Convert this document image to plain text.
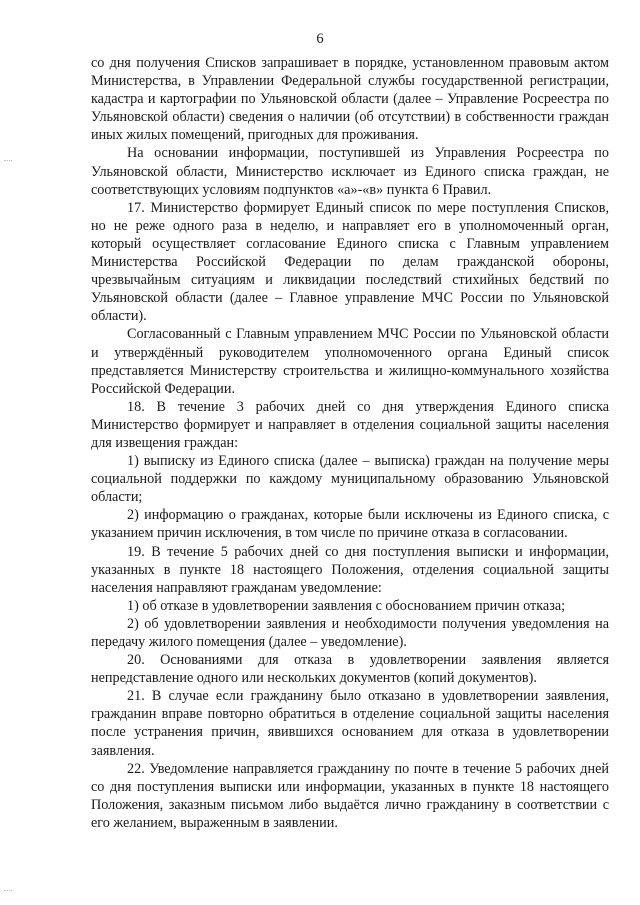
6

со дня получения Списков запрашивает в порядке, установленном правовым актом Министерства, в Управлении Федеральной службы государственной регистрации, кадастра и картографии по Ульяновской области (далее – Управление Росреестра по Ульяновской области) сведения о наличии (об отсутствии) в собственности граждан иных жилых помещений, пригодных для проживания.

На основании информации, поступившей из Управления Росреестра по Ульяновской области, Министерство исключает из Единого списка граждан, не соответствующих условиям подпунктов «а»-«в» пункта 6 Правил.

17. Министерство формирует Единый список по мере поступления Списков, но не реже одного раза в неделю, и направляет его в уполномоченный орган, который осуществляет согласование Единого списка с Главным управлением Министерства Российской Федерации по делам гражданской обороны, чрезвычайным ситуациям и ликвидации последствий стихийных бедствий по Ульяновской области (далее – Главное управление МЧС России по Ульяновской области).

Согласованный с Главным управлением МЧС России по Ульяновской области и утверждённый руководителем уполномоченного органа Единый список представляется Министерству строительства и жилищно-коммунального хозяйства Российской Федерации.

18. В течение 3 рабочих дней со дня утверждения Единого списка Министерство формирует и направляет в отделения социальной защиты населения для извещения граждан:

1) выписку из Единого списка (далее – выписка) граждан на получение меры социальной поддержки по каждому муниципальному образованию Ульяновской области;

2) информацию о гражданах, которые были исключены из Единого списка, с указанием причин исключения, в том числе по причине отказа в согласовании.

19. В течение 5 рабочих дней со дня поступления выписки и информации, указанных в пункте 18 настоящего Положения, отделения социальной защиты населения направляют гражданам уведомление:

1) об отказе в удовлетворении заявления с обоснованием причин отказа;

2) об удовлетворении заявления и необходимости получения уведомления на передачу жилого помещения (далее – уведомление).

20. Основаниями для отказа в удовлетворении заявления является непредставление одного или нескольких документов (копий документов).

21. В случае если гражданину было отказано в удовлетворении заявления, гражданин вправе повторно обратиться в отделение социальной защиты населения после устранения причин, явившихся основанием для отказа в удовлетворении заявления.

22. Уведомление направляется гражданину по почте в течение 5 рабочих дней со дня поступления выписки или информации, указанных в пункте 18 настоящего Положения, заказным письмом либо выдаётся лично гражданину в соответствии с его желанием, выраженным в заявлении.
